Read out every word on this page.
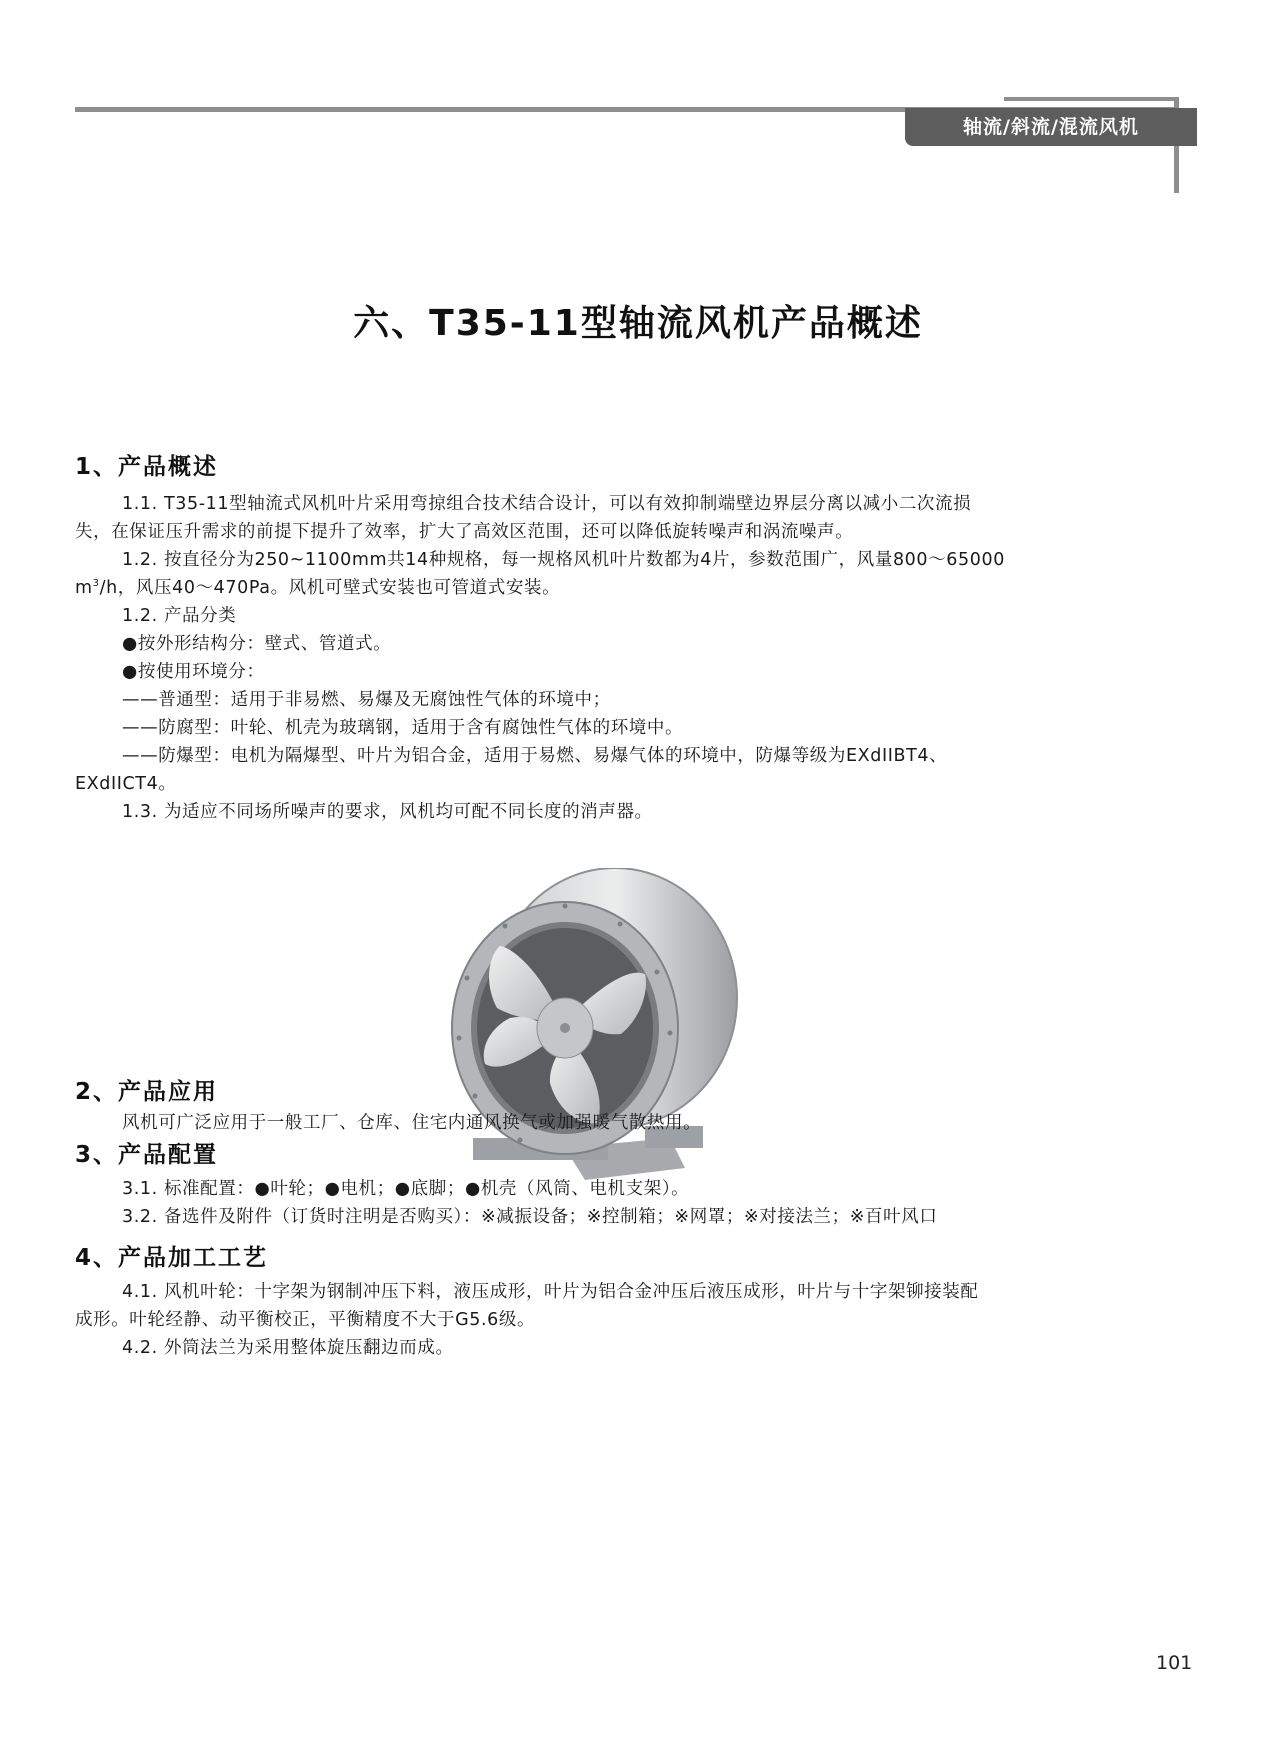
轴流/斜流/混流风机
六、T35-11型轴流风机产品概述
1、产品概述
1.1. T35-11型轴流式风机叶片采用弯掠组合技术结合设计，可以有效抑制端壁边界层分离以减小二次流损
失，在保证压升需求的前提下提升了效率，扩大了高效区范围，还可以降低旋转噪声和涡流噪声。
1.2. 按直径分为250~1100mm共14种规格，每一规格风机叶片数都为4片，参数范围广，风量800～65000
$m^3/h$，风压40～470Pa。风机可壁式安装也可管道式安装。
1.2. 产品分类
●按外形结构分：壁式、管道式。
●按使用环境分：
——普通型：适用于非易燃、易爆及无腐蚀性气体的环境中；
——防腐型：叶轮、机壳为玻璃钢，适用于含有腐蚀性气体的环境中。
——防爆型：电机为隔爆型、叶片为铝合金，适用于易燃、易爆气体的环境中，防爆等级为EXdIIBT4、
EXdIICT4。
1.3. 为适应不同场所噪声的要求，风机均可配不同长度的消声器。
2、产品应用
风机可广泛应用于一般工厂、仓库、住宅内通风换气或加强暖气散热用。
3、产品配置
3.1. 标准配置：●叶轮；●电机；●底脚；●机壳（风筒、电机支架）。
3.2. 备选件及附件（订货时注明是否购买）：※减振设备；※控制箱；※网罩；※对接法兰；※百叶风口
4、产品加工工艺
4.1. 风机叶轮：十字架为钢制冲压下料，液压成形，叶片为铝合金冲压后液压成形，叶片与十字架铆接装配
成形。叶轮经静、动平衡校正，平衡精度不大于G5.6级。
4.2. 外筒法兰为采用整体旋压翻边而成。
101
